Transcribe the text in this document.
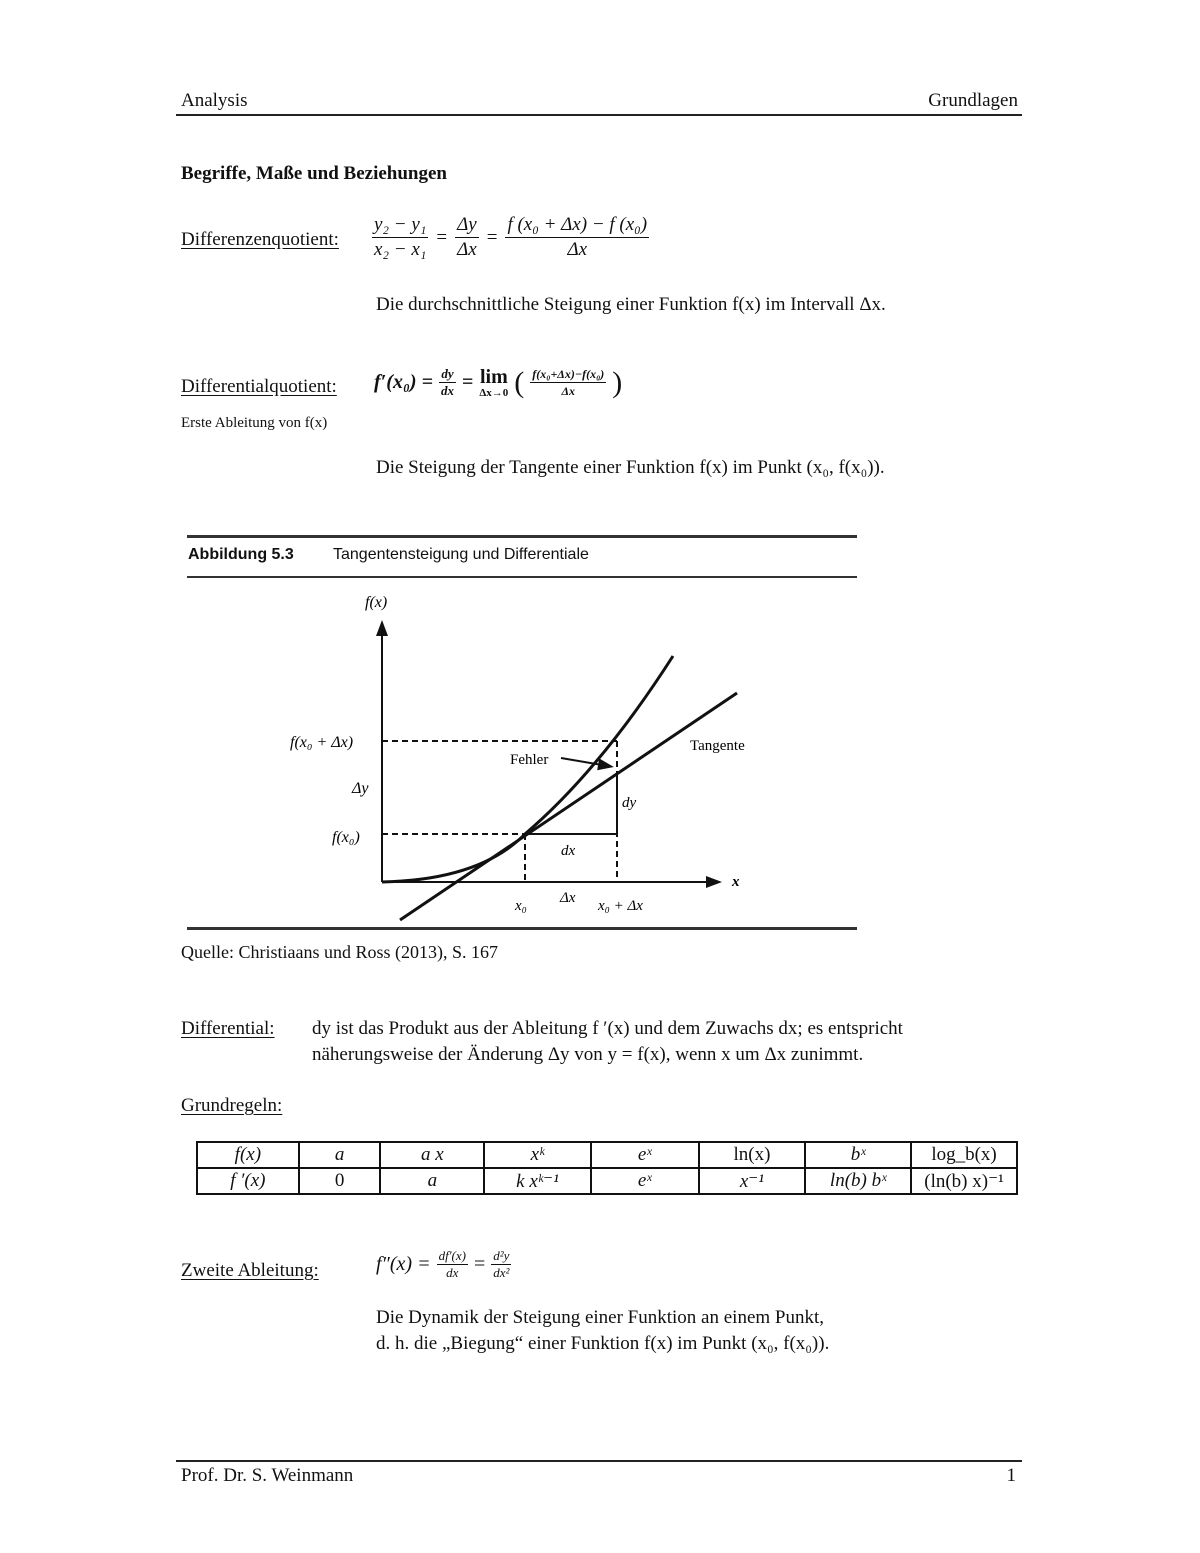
Analysis	Grundlagen
Begriffe, Maße und Beziehungen
Differenzenquotient: $\frac{\text{y₂ − y₁}}{\text{x₂ − x₁}} = \frac{\Delta y}{\Delta x} = \frac{\text{f (x₀ + Δx) − f (x₀)}}{\Delta x}$
Die durchschnittliche Steigung einer Funktion f(x) im Intervall Δx.
Differentialquotient: $f'(x_0) = \frac{dy}{dx} = \lim$
Δx→0 ( $\frac{\text{f(x₀+Δx)−f(x₀)}}{\Delta x}$ )
Erste Ableitung von f(x)
Die Steigung der Tangente einer Funktion f(x) im Punkt (x₀, f(x₀)).
Abbildung 5.3 Tangentensteigung und Differentiale
f(x)
x
f(x₀ + Δx)
Δy
f(x₀)
Fehler
Tangente
dy
dx
x₀ Δx x₀ + Δx
Quelle: Christiaans und Ross (2013), S. 167
Differential: dy ist das Produkt aus der Ableitung f ′(x) und dem Zuwachs dx; es entspricht
näherungsweise der Änderung Δy von y = f(x), wenn x um Δx zunimmt.
Grundregeln:
f(x)	a	a x	xᵏ	eˣ	ln(x)	bˣ	log_b(x)
f ′(x)	0	a	k xᵏ⁻¹	eˣ	x⁻¹	ln(b) bˣ	(ln(b) x)⁻¹
Zweite Ableitung:	$f''(x) = \frac{df'(x)}{dx} = \frac{\text{d²y}}{\text{dx²}}$
Die Dynamik der Steigung einer Funktion an einem Punkt,
d. h. die „Biegung“ einer Funktion f(x) im Punkt (x₀, f(x₀)).
Prof. Dr. S. Weinmann	1
